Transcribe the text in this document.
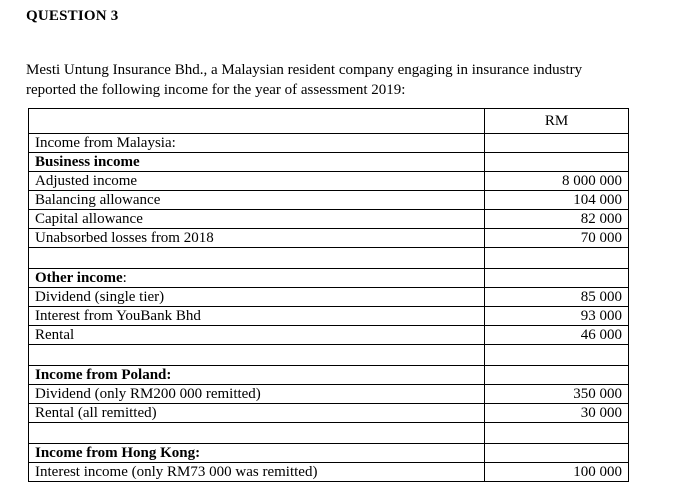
QUESTION 3
Mesti Untung Insurance Bhd., a Malaysian resident company engaging in insurance industry
reported the following income for the year of assessment 2019:
	RM
Income from Malaysia:	
Business income	
Adjusted income	8 000 000
Balancing allowance	104 000
Capital allowance	82 000
Unabsorbed losses from 2018	70 000

Other income:	
Dividend (single tier)	85 000
Interest from YouBank Bhd	93 000
Rental	46 000

Income from Poland:	
Dividend (only RM200 000 remitted)	350 000
Rental (all remitted)	30 000

Income from Hong Kong:	
Interest income (only RM73 000 was remitted)	100 000
